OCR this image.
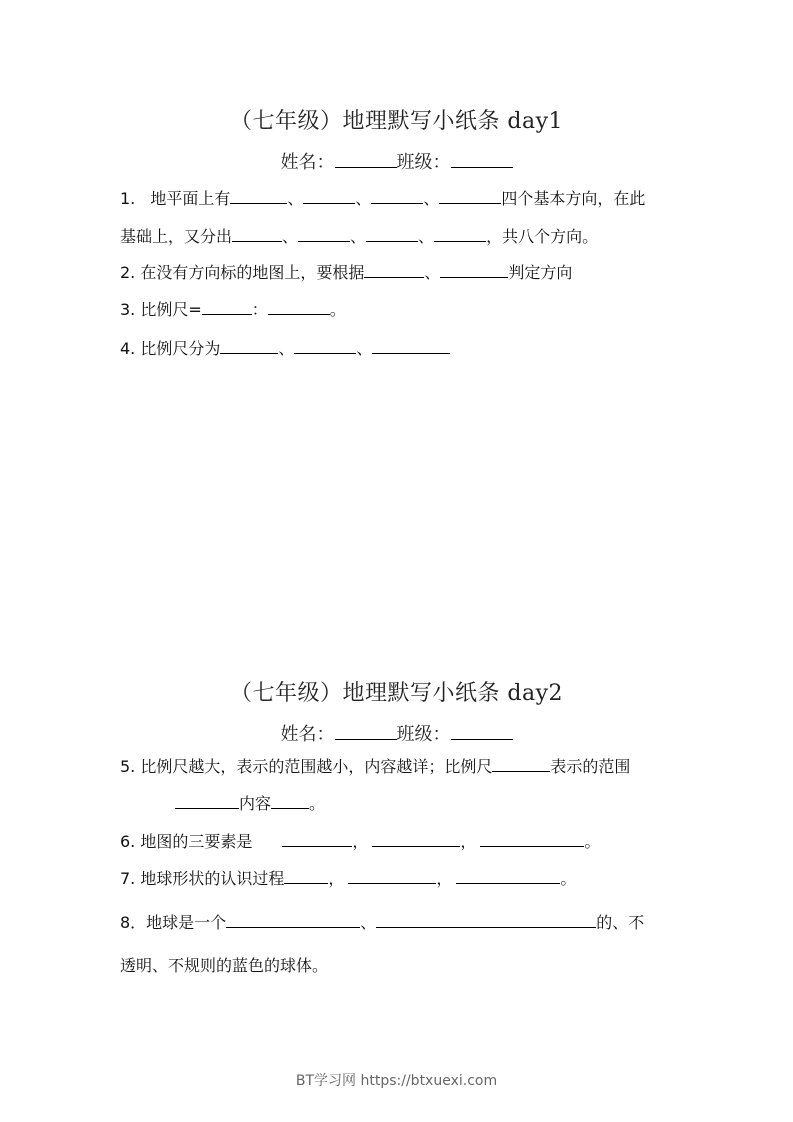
（七年级）地理默写小纸条 day1
姓名：	班级：
1. 地平面上有	、	、	、	四个基本方向，在此
基础上，又分出	、	、	、	，共八个方向。
2. 在没有方向标的地图上，要根据	、	判定方向
3. 比例尺=	：	。
4. 比例尺分为	、	、
（七年级）地理默写小纸条 day2
姓名：	班级：
5. 比例尺越大，表示的范围越小，内容越详；比例尺	表示的范围
内容 。
6. 地图的三要素是	，	，	。
7. 地球形状的认识过程	，	，	。
8．地球是一个	、	的、不
透明、不规则的蓝色的球体。
BT学习网 https://btxuexi.com
